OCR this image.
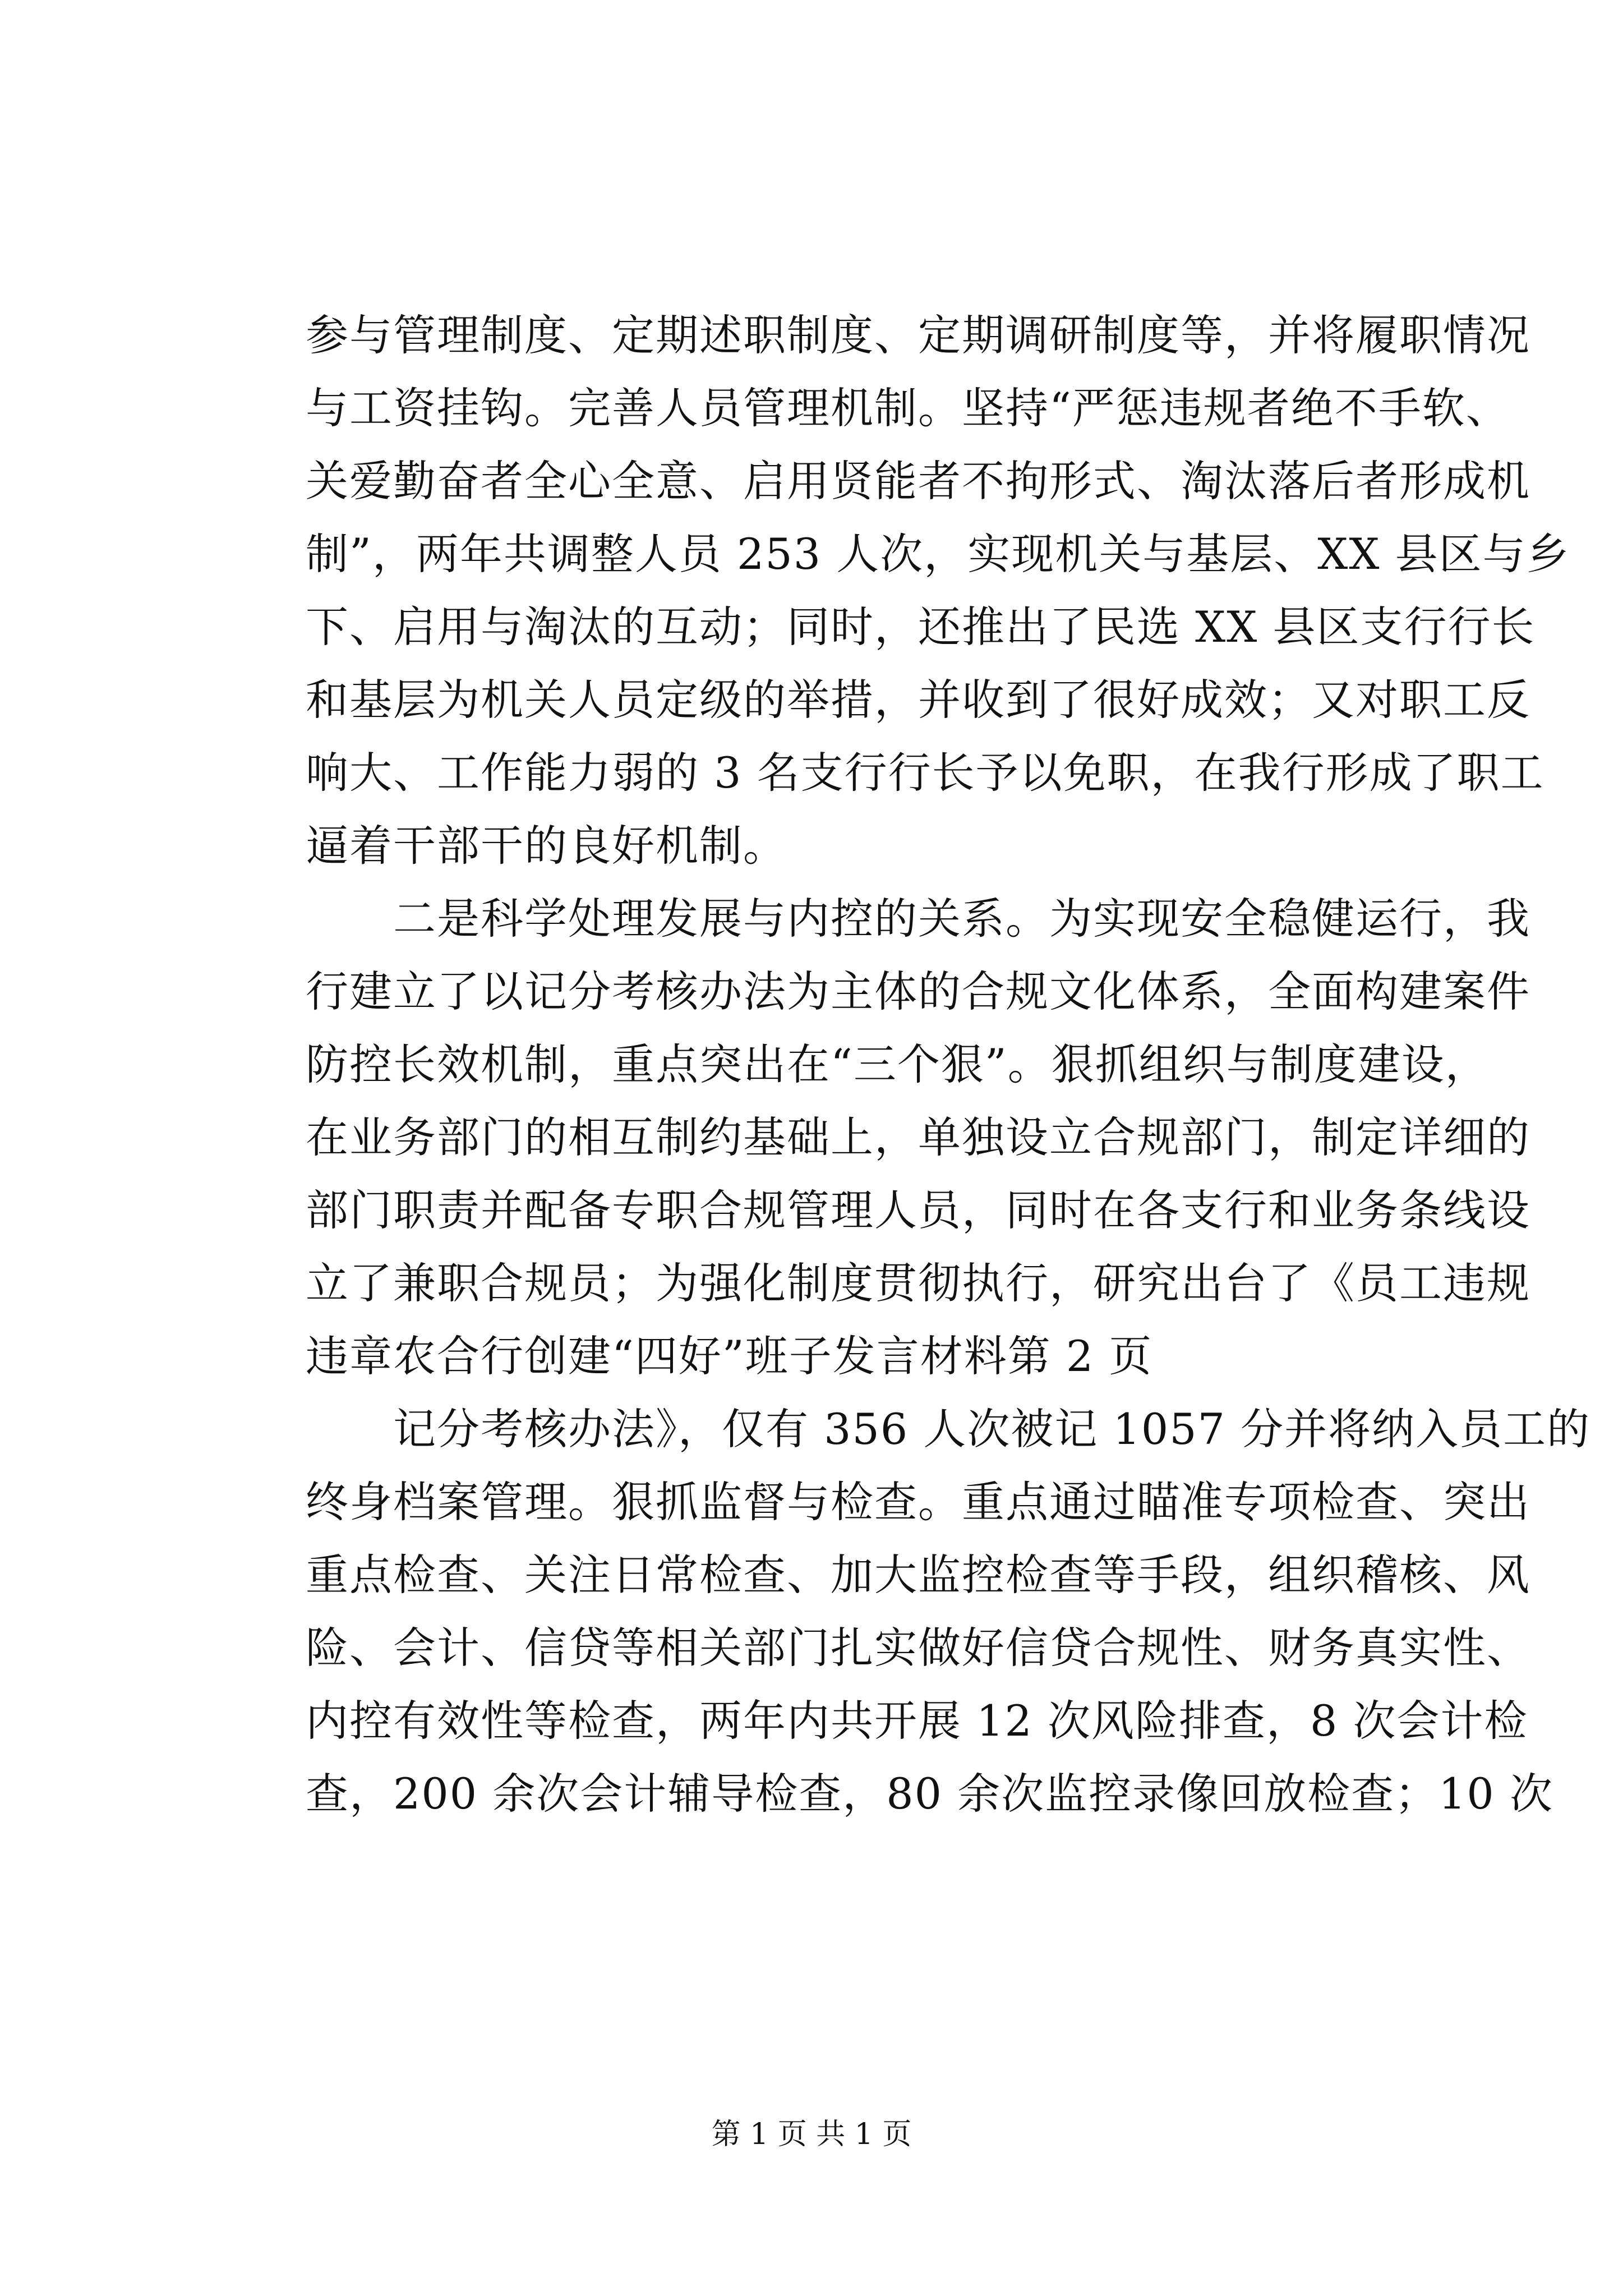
参与管理制度、定期述职制度、定期调研制度等，并将履职情况
与工资挂钩。完善人员管理机制。坚持“严惩违规者绝不手软、
关爱勤奋者全心全意、启用贤能者不拘形式、淘汰落后者形成机
制”，两年共调整人员 253 人次，实现机关与基层、XX 县区与乡
下、启用与淘汰的互动；同时，还推出了民选 XX 县区支行行长
和基层为机关人员定级的举措，并收到了很好成效；又对职工反
响大、工作能力弱的 3 名支行行长予以免职，在我行形成了职工
逼着干部干的良好机制。
　　二是科学处理发展与内控的关系。为实现安全稳健运行，我
行建立了以记分考核办法为主体的合规文化体系，全面构建案件
防控长效机制，重点突出在“三个狠”。狠抓组织与制度建设，
在业务部门的相互制约基础上，单独设立合规部门，制定详细的
部门职责并配备专职合规管理人员，同时在各支行和业务条线设
立了兼职合规员；为强化制度贯彻执行，研究出台了《员工违规
违章农合行创建“四好”班子发言材料第 2 页
　　记分考核办法》，仅有 356 人次被记 1057 分并将纳入员工的
终身档案管理。狠抓监督与检查。重点通过瞄准专项检查、突出
重点检查、关注日常检查、加大监控检查等手段，组织稽核、风
险、会计、信贷等相关部门扎实做好信贷合规性、财务真实性、
内控有效性等检查，两年内共开展 12 次风险排查，8 次会计检
查，200 余次会计辅导检查，80 余次监控录像回放检查；10 次
第 1 页 共 1 页
